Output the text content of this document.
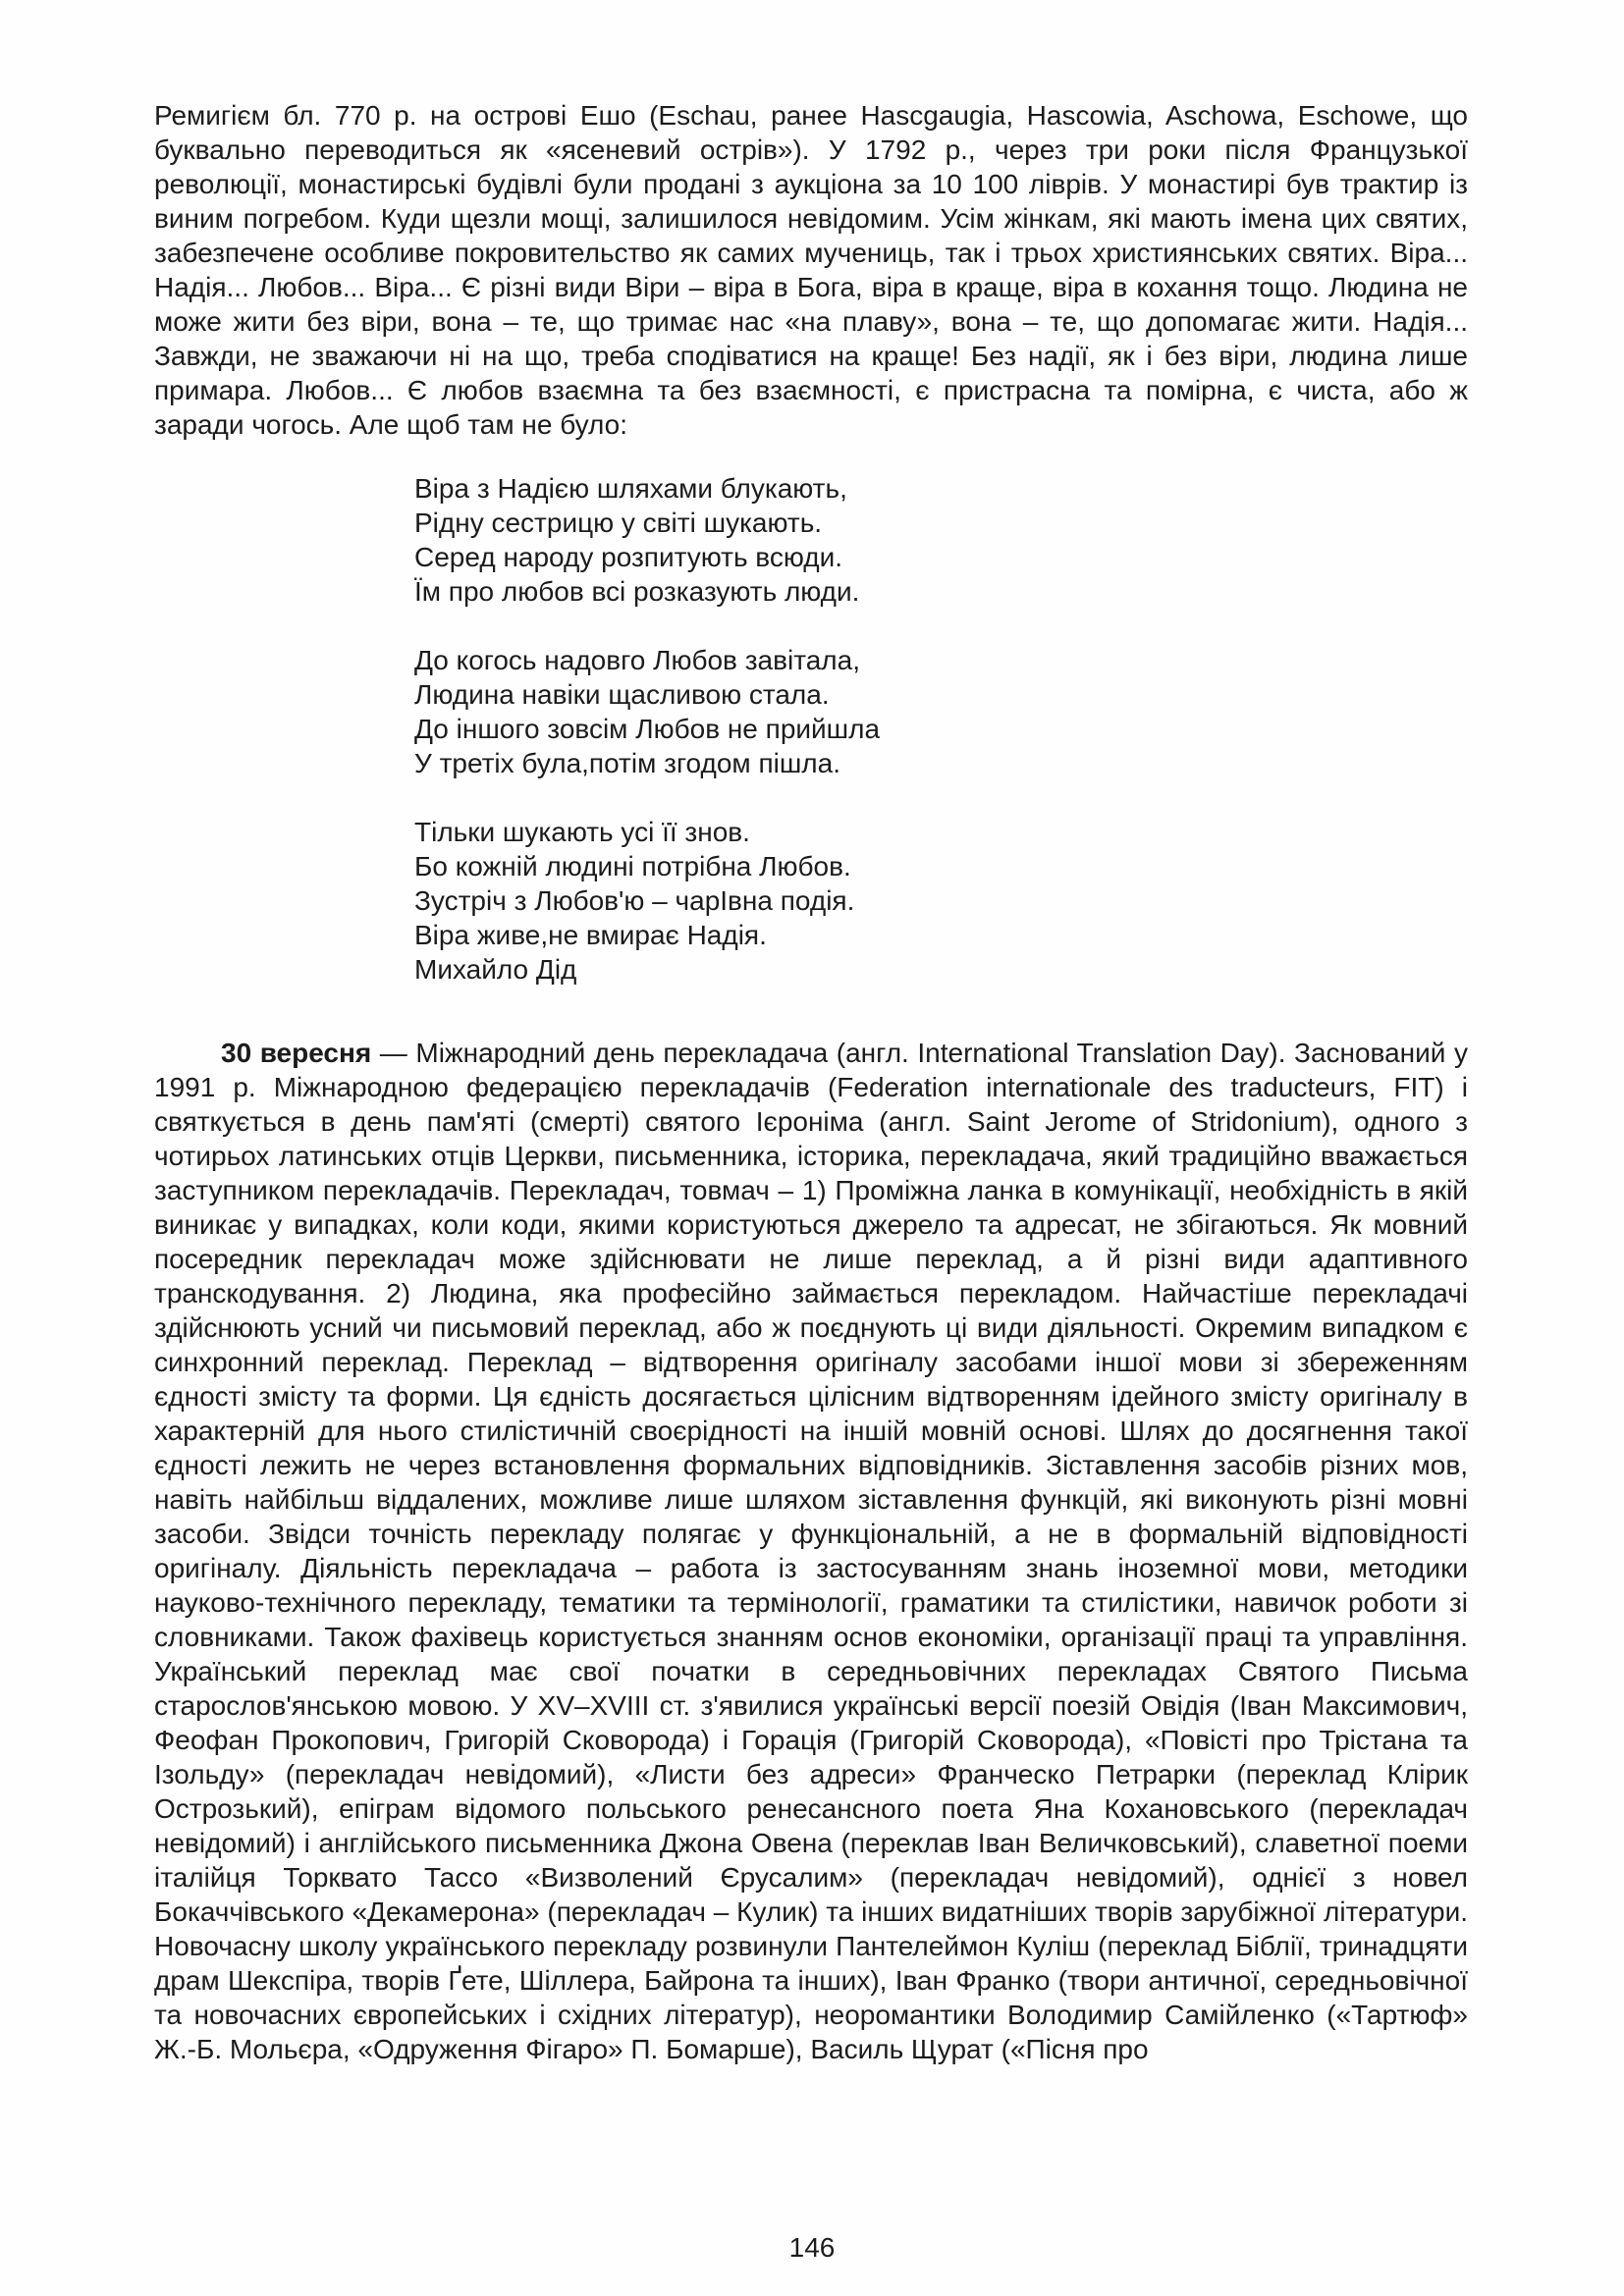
Ремигієм бл. 770 р. на острові Ешо (Eschau, ранее Hascgaugia, Hascowia, Aschowa, Eschowe, що буквально переводиться як «ясеневий острів»). У 1792 р., через три роки після Французької революції, монастирські будівлі були продані з аукціона за 10 100 ліврів. У монастирі був трактир із виним погребом. Куди щезли мощі, залишилося невідомим. Усім жінкам, які мають імена цих святих, забезпечене особливе покровительство як самих мучениць, так і трьох християнських святих. Віра... Надія... Любов... Віра... Є різні види Віри – віра в Бога, віра в краще, віра в кохання тощо. Людина не може жити без віри, вона – те, що тримає нас «на плаву», вона – те, що допомагає жити. Надія... Завжди, не зважаючи ні на що, треба сподіватися на краще! Без надії, як і без віри, людина лише примара. Любов... Є любов взаємна та без взаємності, є пристрасна та помірна, є чиста, або ж заради чогось. Але щоб там не було:

Віра з Надією шляхами блукають,
Рідну сестрицю у світі шукають.
Серед народу розпитують всюди.
Їм про любов всі розказують люди.
До когось надовго Любов завітала,
Людина навіки щасливою стала.
До іншого зовсім Любов не прийшла
У третіх була,потім згодом пішла.
Тільки шукають усі її знов.
Бо кожній людині потрібна Любов.
Зустріч з Любов'ю – чарІвна подія.
Віра живе,не вмирає Надія.
Михайло Дід

30 вересня — Міжнародний день перекладача (англ. International Translation Day). Заснований у 1991 р. Міжнародною федерацією перекладачів (Federation internationale des traducteurs, FIT) і святкується в день пам'яті (смерті) святого Ієроніма (англ. Saint Jerome of Stridonium), одного з чотирьох латинських отців Церкви, письменника, історика, перекладача, який традиційно вважається заступником перекладачів. Перекладач, товмач – 1) Проміжна ланка в комунікації, необхідність в якій виникає у випадках, коли коди, якими користуються джерело та адресат, не збігаються. Як мовний посередник перекладач може здійснювати не лише переклад, а й різні види адаптивного транскодування. 2) Людина, яка професійно займається перекладом. Найчастіше перекладачі здійснюють усний чи письмовий переклад, або ж поєднують ці види діяльності. Окремим випадком є синхронний переклад. Переклад – відтворення оригіналу засобами іншої мови зі збереженням єдності змісту та форми. Ця єдність досягається цілісним відтворенням ідейного змісту оригіналу в характерній для нього стилістичній своєрідності на іншій мовній основі. Шлях до досягнення такої єдності лежить не через встановлення формальних відповідників. Зіставлення засобів різних мов, навіть найбільш віддалених, можливе лише шляхом зіставлення функцій, які виконують різні мовні засоби. Звідси точність перекладу полягає у функціональній, а не в формальній відповідності оригіналу. Діяльність перекладача – работа із застосуванням знань іноземної мови, методики науково-технічного перекладу, тематики та термінології, граматики та стилістики, навичок роботи зі словниками. Також фахівець користується знанням основ економіки, організації праці та управління. Український переклад має свої початки в середньовічних перекладах Святого Письма старослов'янською мовою. У XV–XVIII ст. з'явилися українські версії поезій Овідія (Іван Максимович, Феофан Прокопович, Григорій Сковорода) і Горація (Григорій Сковорода), «Повісті про Трістана та Ізольду» (перекладач невідомий), «Листи без адреси» Франческо Петрарки (переклад Клірик Острозький), епіграм відомого польського ренесансного поета Яна Кохановського (перекладач невідомий) і англійського письменника Джона Овена (переклав Іван Величковський), славетної поеми італійця Торквато Тассо «Визволений Єрусалим» (перекладач невідомий), однієї з новел Бокаччівського «Декамерона» (перекладач – Кулик) та інших видатніших творів зарубіжної літератури. Новочасну школу українського перекладу розвинули Пантелеймон Куліш (переклад Біблії, тринадцяти драм Шекспіра, творів Ґете, Шіллера, Байрона та інших), Іван Франко (твори античної, середньовічної та новочасних європейських і східних літератур), неоромантики Володимир Самійленко («Тартюф» Ж.-Б. Мольєра, «Одруження Фігаро» П. Бомарше), Василь Щурат («Пісня про

146
